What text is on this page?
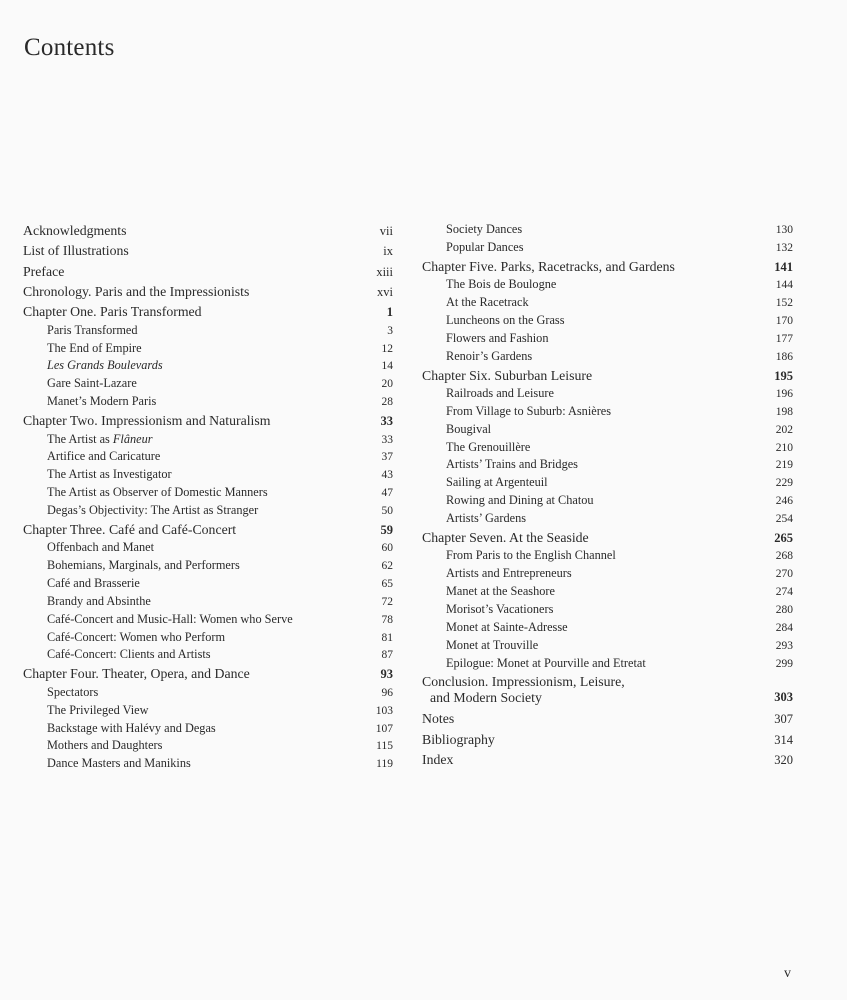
Contents
Acknowledgments	vii
List of Illustrations	ix
Preface	xiii
Chronology. Paris and the Impressionists	xvi
Chapter One. Paris Transformed	1
Paris Transformed	3
The End of Empire	12
Les Grands Boulevards	14
Gare Saint-Lazare	20
Manet’s Modern Paris	28
Chapter Two. Impressionism and Naturalism	33
The Artist as Flâneur	33
Artifice and Caricature	37
The Artist as Investigator	43
The Artist as Observer of Domestic Manners	47
Degas’s Objectivity: The Artist as Stranger	50
Chapter Three. Café and Café-Concert	59
Offenbach and Manet	60
Bohemians, Marginals, and Performers	62
Café and Brasserie	65
Brandy and Absinthe	72
Café-Concert and Music-Hall: Women who Serve	78
Café-Concert: Women who Perform	81
Café-Concert: Clients and Artists	87
Chapter Four. Theater, Opera, and Dance	93
Spectators	96
The Privileged View	103
Backstage with Halévy and Degas	107
Mothers and Daughters	115
Dance Masters and Manikins	119
Society Dances	130
Popular Dances	132
Chapter Five. Parks, Racetracks, and Gardens	141
The Bois de Boulogne	144
At the Racetrack	152
Luncheons on the Grass	170
Flowers and Fashion	177
Renoir’s Gardens	186
Chapter Six. Suburban Leisure	195
Railroads and Leisure	196
From Village to Suburb: Asnières	198
Bougival	202
The Grenouillère	210
Artists’ Trains and Bridges	219
Sailing at Argenteuil	229
Rowing and Dining at Chatou	246
Artists’ Gardens	254
Chapter Seven. At the Seaside	265
From Paris to the English Channel	268
Artists and Entrepreneurs	270
Manet at the Seashore	274
Morisot’s Vacationers	280
Monet at Sainte-Adresse	284
Monet at Trouville	293
Epilogue: Monet at Pourville and Etretat	299
Conclusion. Impressionism, Leisure,
and Modern Society	303
Notes	307
Bibliography	314
Index	320
v
